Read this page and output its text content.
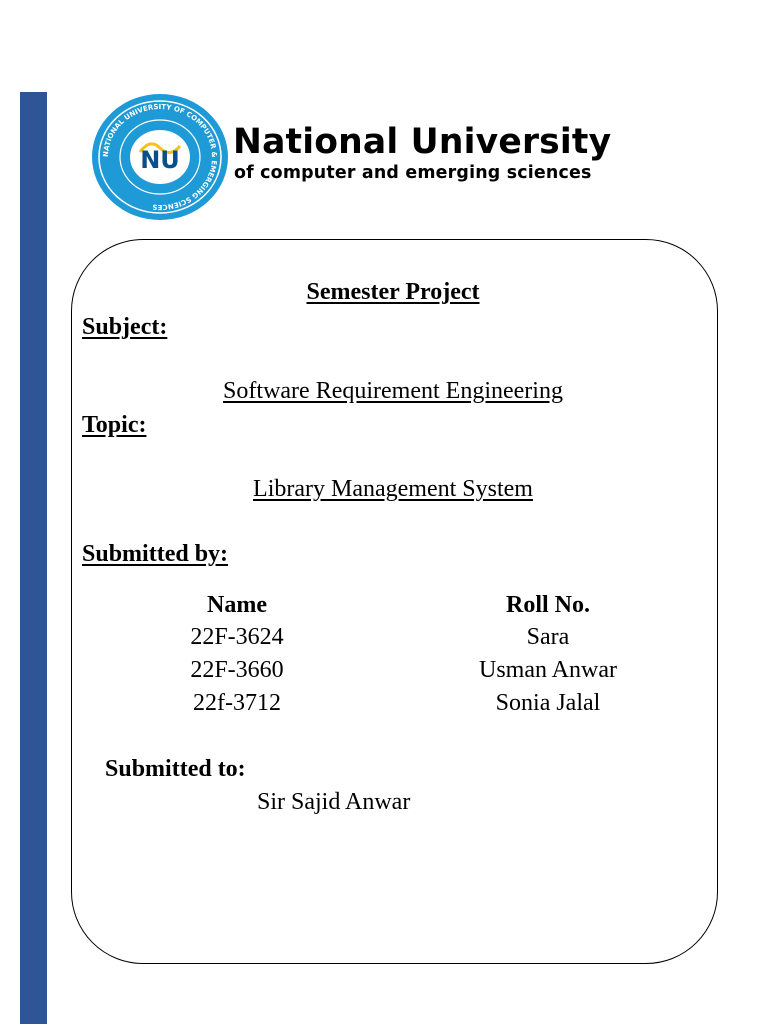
NATIONAL UNIVERSITY OF COMPUTER & EMERGING SCIENCES
NU National University
of computer and emerging sciences
Semester Project
Subject:
Software Requirement Engineering
Topic:
Library Management System
Submitted by:
Name	Roll No.
22F-3624	Sara
22F-3660	Usman Anwar
22f-3712	Sonia Jalal
Submitted to:
Sir Sajid Anwar
